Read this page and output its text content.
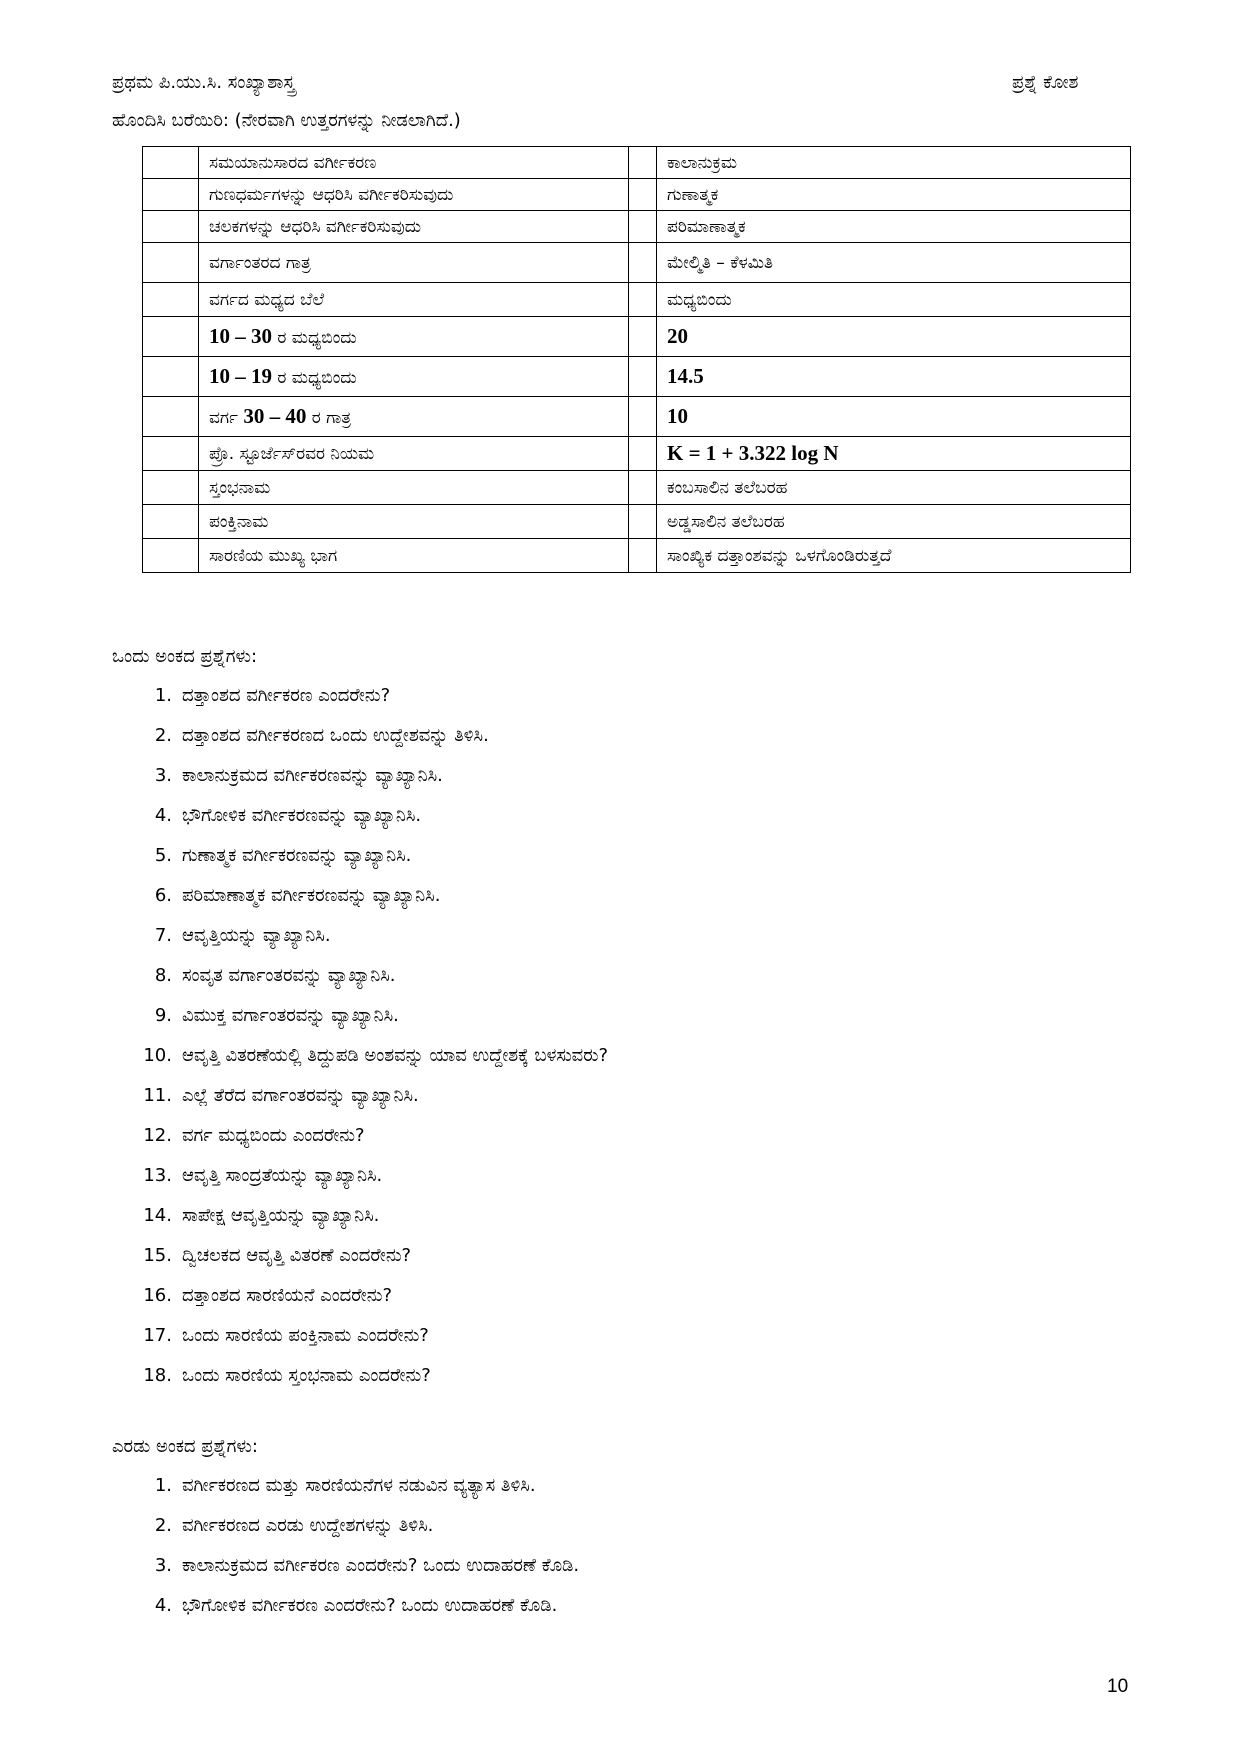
ಪ್ರಥಮ ಪಿ.ಯು.ಸಿ. ಸಂಖ್ಯಾಶಾಸ್ತ್ರ	ಪ್ರಶ್ನೆ ಕೋಶ
ಹೊಂದಿಸಿ ಬರೆಯಿರಿ: (ನೇರವಾಗಿ ಉತ್ತರಗಳನ್ನು ನೀಡಲಾಗಿದೆ.)
	ಸಮಯಾನುಸಾರದ ವರ್ಗೀಕರಣ		ಕಾಲಾನುಕ್ರಮ
	ಗುಣಧರ್ಮಗಳನ್ನು ಆಧರಿಸಿ ವರ್ಗೀಕರಿಸುವುದು		ಗುಣಾತ್ಮಕ
	ಚಲಕಗಳನ್ನು ಆಧರಿಸಿ ವರ್ಗೀಕರಿಸುವುದು		ಪರಿಮಾಣಾತ್ಮಕ
	ವರ್ಗಾಂತರದ ಗಾತ್ರ		ಮೇಲ್ಮಿತಿ – ಕೆಳಮಿತಿ
	ವರ್ಗದ ಮಧ್ಯದ ಬೆಲೆ		ಮಧ್ಯಬಿಂದು
	10 – 30 ರ ಮಧ್ಯಬಿಂದು		20
	10 – 19 ರ ಮಧ್ಯಬಿಂದು		14.5
	ವರ್ಗ 30 – 40 ರ ಗಾತ್ರ		10
	ಪ್ರೊ. ಸ್ಟೂರ್ಜೆಸ್‌ರವರ ನಿಯಮ		K = 1 + 3.322 log N
	ಸ್ತಂಭನಾಮ		ಕಂಬಸಾಲಿನ ತಲೆಬರಹ
	ಪಂಕ್ತಿನಾಮ		ಅಡ್ಡಸಾಲಿನ ತಲೆಬರಹ
	ಸಾರಣಿಯ ಮುಖ್ಯ ಭಾಗ		ಸಾಂಖ್ಯಿಕ ದತ್ತಾಂಶವನ್ನು ಒಳಗೊಂಡಿರುತ್ತದೆ
ಒಂದು ಅಂಕದ ಪ್ರಶ್ನೆಗಳು:
1. ದತ್ತಾಂಶದ ವರ್ಗೀಕರಣ ಎಂದರೇನು?
2. ದತ್ತಾಂಶದ ವರ್ಗೀಕರಣದ ಒಂದು ಉದ್ದೇಶವನ್ನು ತಿಳಿಸಿ.
3. ಕಾಲಾನುಕ್ರಮದ ವರ್ಗೀಕರಣವನ್ನು ವ್ಯಾಖ್ಯಾನಿಸಿ.
4. ಭೌಗೋಳಿಕ ವರ್ಗೀಕರಣವನ್ನು ವ್ಯಾಖ್ಯಾನಿಸಿ.
5. ಗುಣಾತ್ಮಕ ವರ್ಗೀಕರಣವನ್ನು ವ್ಯಾಖ್ಯಾನಿಸಿ.
6. ಪರಿಮಾಣಾತ್ಮಕ ವರ್ಗೀಕರಣವನ್ನು ವ್ಯಾಖ್ಯಾನಿಸಿ.
7. ಆವೃತ್ತಿಯನ್ನು ವ್ಯಾಖ್ಯಾನಿಸಿ.
8. ಸಂವೃತ ವರ್ಗಾಂತರವನ್ನು ವ್ಯಾಖ್ಯಾನಿಸಿ.
9. ವಿಮುಕ್ತ ವರ್ಗಾಂತರವನ್ನು ವ್ಯಾಖ್ಯಾನಿಸಿ.
10. ಆವೃತ್ತಿ ವಿತರಣೆಯಲ್ಲಿ ತಿದ್ದುಪಡಿ ಅಂಶವನ್ನು ಯಾವ ಉದ್ದೇಶಕ್ಕೆ ಬಳಸುವರು?
11. ಎಲ್ಲೆ ತೆರೆದ ವರ್ಗಾಂತರವನ್ನು ವ್ಯಾಖ್ಯಾನಿಸಿ.
12. ವರ್ಗ ಮಧ್ಯಬಿಂದು ಎಂದರೇನು?
13. ಆವೃತ್ತಿ ಸಾಂದ್ರತೆಯನ್ನು ವ್ಯಾಖ್ಯಾನಿಸಿ.
14. ಸಾಪೇಕ್ಷ ಆವೃತ್ತಿಯನ್ನು ವ್ಯಾಖ್ಯಾನಿಸಿ.
15. ದ್ವಿಚಲಕದ ಆವೃತ್ತಿ ವಿತರಣೆ ಎಂದರೇನು?
16. ದತ್ತಾಂಶದ ಸಾರಣಿಯನೆ ಎಂದರೇನು?
17. ಒಂದು ಸಾರಣಿಯ ಪಂಕ್ತಿನಾಮ ಎಂದರೇನು?
18. ಒಂದು ಸಾರಣಿಯ ಸ್ತಂಭನಾಮ ಎಂದರೇನು?
ಎರಡು ಅಂಕದ ಪ್ರಶ್ನೆಗಳು:
1. ವರ್ಗೀಕರಣದ ಮತ್ತು ಸಾರಣಿಯನೆಗಳ ನಡುವಿನ ವ್ಯತ್ಯಾಸ ತಿಳಿಸಿ.
2. ವರ್ಗೀಕರಣದ ಎರಡು ಉದ್ದೇಶಗಳನ್ನು ತಿಳಿಸಿ.
3. ಕಾಲಾನುಕ್ರಮದ ವರ್ಗೀಕರಣ ಎಂದರೇನು? ಒಂದು ಉದಾಹರಣೆ ಕೊಡಿ.
4. ಭೌಗೋಳಿಕ ವರ್ಗೀಕರಣ ಎಂದರೇನು? ಒಂದು ಉದಾಹರಣೆ ಕೊಡಿ.
10
